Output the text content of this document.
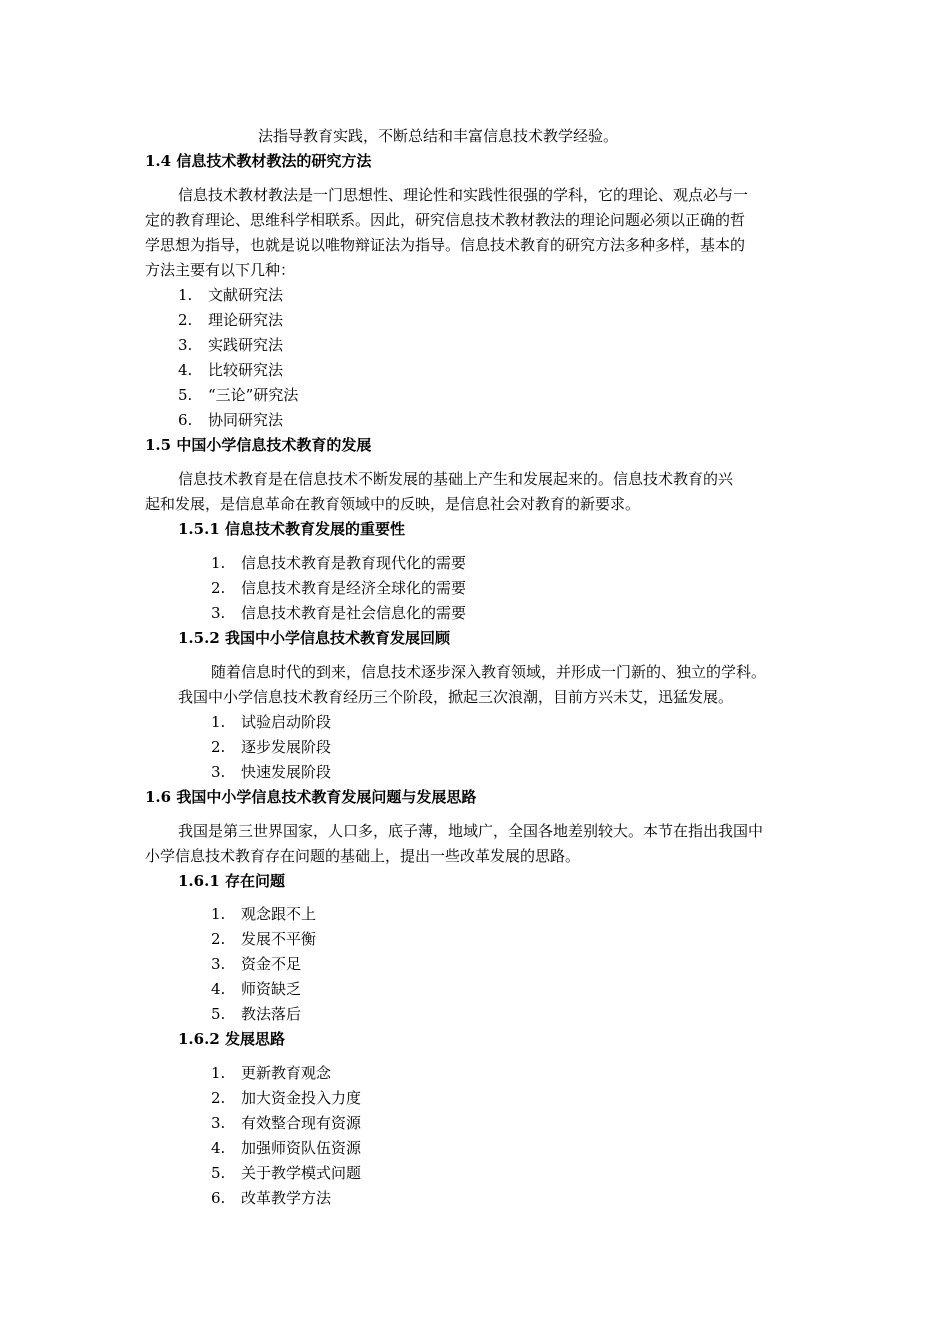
法指导教育实践，不断总结和丰富信息技术教学经验。
1.4 信息技术教材教法的研究方法
信息技术教材教法是一门思想性、理论性和实践性很强的学科，它的理论、观点必与一
定的教育理论、思维科学相联系。因此，研究信息技术教材教法的理论问题必须以正确的哲
学思想为指导，也就是说以唯物辩证法为指导。信息技术教育的研究方法多种多样，基本的
方法主要有以下几种：
1. 文献研究法
2. 理论研究法
3. 实践研究法
4. 比较研究法
5. “三论”研究法
6. 协同研究法
1.5 中国小学信息技术教育的发展
信息技术教育是在信息技术不断发展的基础上产生和发展起来的。信息技术教育的兴
起和发展，是信息革命在教育领域中的反映，是信息社会对教育的新要求。
1.5.1 信息技术教育发展的重要性
1. 信息技术教育是教育现代化的需要
2. 信息技术教育是经济全球化的需要
3. 信息技术教育是社会信息化的需要
1.5.2 我国中小学信息技术教育发展回顾
随着信息时代的到来，信息技术逐步深入教育领域，并形成一门新的、独立的学科。
我国中小学信息技术教育经历三个阶段，掀起三次浪潮，目前方兴未艾，迅猛发展。
1. 试验启动阶段
2. 逐步发展阶段
3. 快速发展阶段
1.6 我国中小学信息技术教育发展问题与发展思路
我国是第三世界国家，人口多，底子薄，地域广，全国各地差别较大。本节在指出我国中
小学信息技术教育存在问题的基础上，提出一些改革发展的思路。
1.6.1 存在问题
1. 观念跟不上
2. 发展不平衡
3. 资金不足
4. 师资缺乏
5. 教法落后
1.6.2 发展思路
1. 更新教育观念
2. 加大资金投入力度
3. 有效整合现有资源
4. 加强师资队伍资源
5. 关于教学模式问题
6. 改革教学方法
